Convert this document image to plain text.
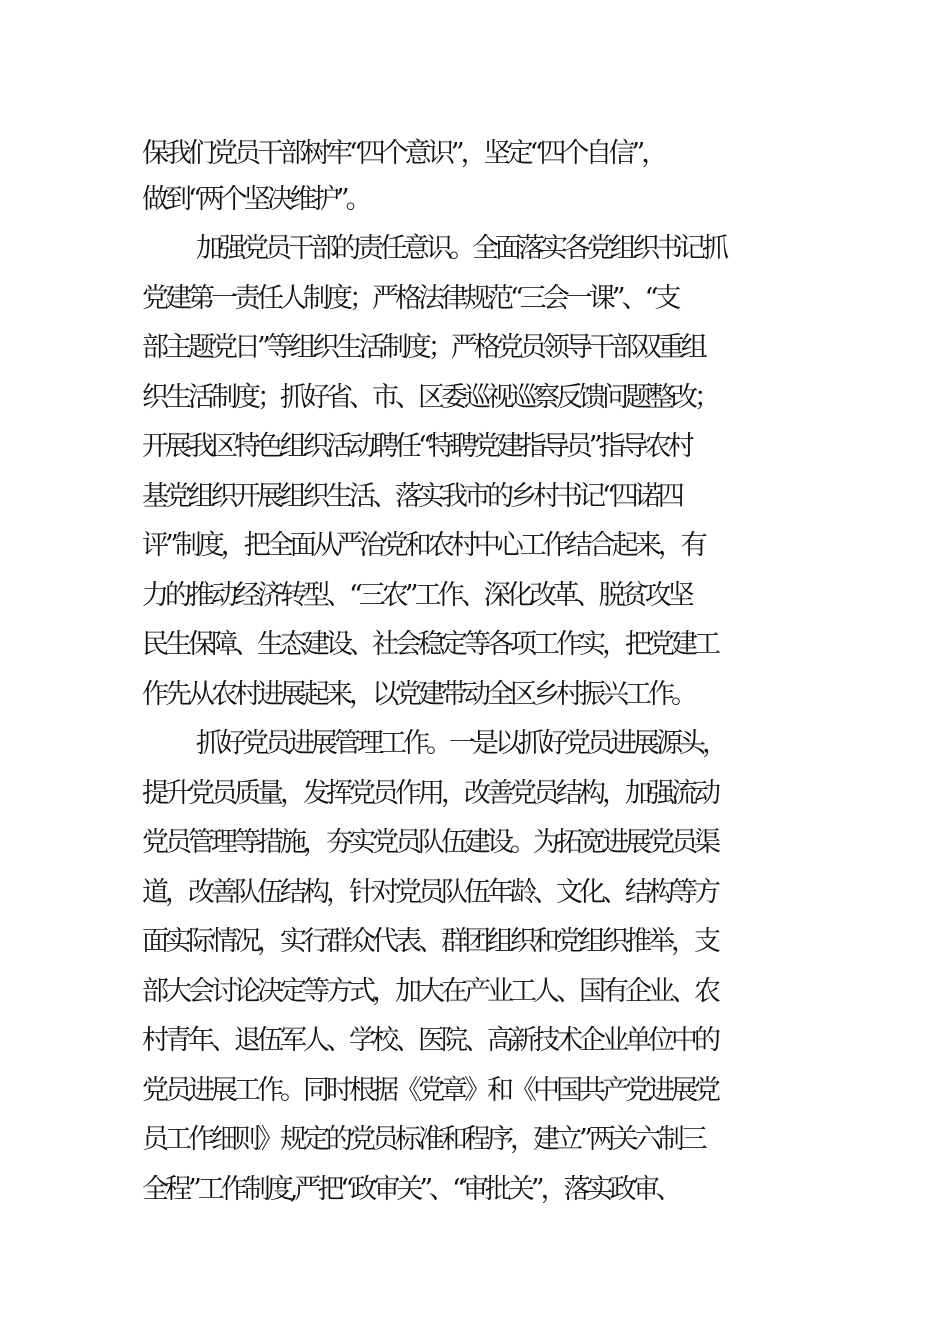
保我们党员干部树牢“四个意识”，坚定“四个自信”，
做到“两个坚决维护”。
加强党员干部的责任意识。全面落实各党组织书记抓
党建第一责任人制度；严格法律规范“三会一课”、“支
部主题党日”等组织生活制度；严格党员领导干部双重组
织生活制度；抓好省、市、区委巡视巡察反馈问题整改；
开展我区特色组织活动聘任“特聘党建指导员”指导农村
基党组织开展组织生活、落实我市的乡村书记“四诺四
评”制度，把全面从严治党和农村中心工作结合起来，有
力的推动经济转型、“三农”工作、深化改革、脱贫攻坚
民生保障、生态建设、社会稳定等各项工作实，把党建工
作先从农村进展起来，以党建带动全区乡村振兴工作。
抓好党员进展管理工作。一是以抓好党员进展源头，
提升党员质量，发挥党员作用，改善党员结构，加强流动
党员管理等措施，夯实党员队伍建设。为拓宽进展党员渠
道，改善队伍结构，针对党员队伍年龄、文化、结构等方
面实际情况，实行群众代表、群团组织和党组织推举，支
部大会讨论决定等方式，加大在产业工人、国有企业、农
村青年、退伍军人、学校、医院、高新技术企业单位中的
党员进展工作。同时根据《党章》和《中国共产党进展党
员工作细则》规定的党员标准和程序，建立”两关六制三
全程”工作制度,严把“政审关”、“审批关”，落实政审、
